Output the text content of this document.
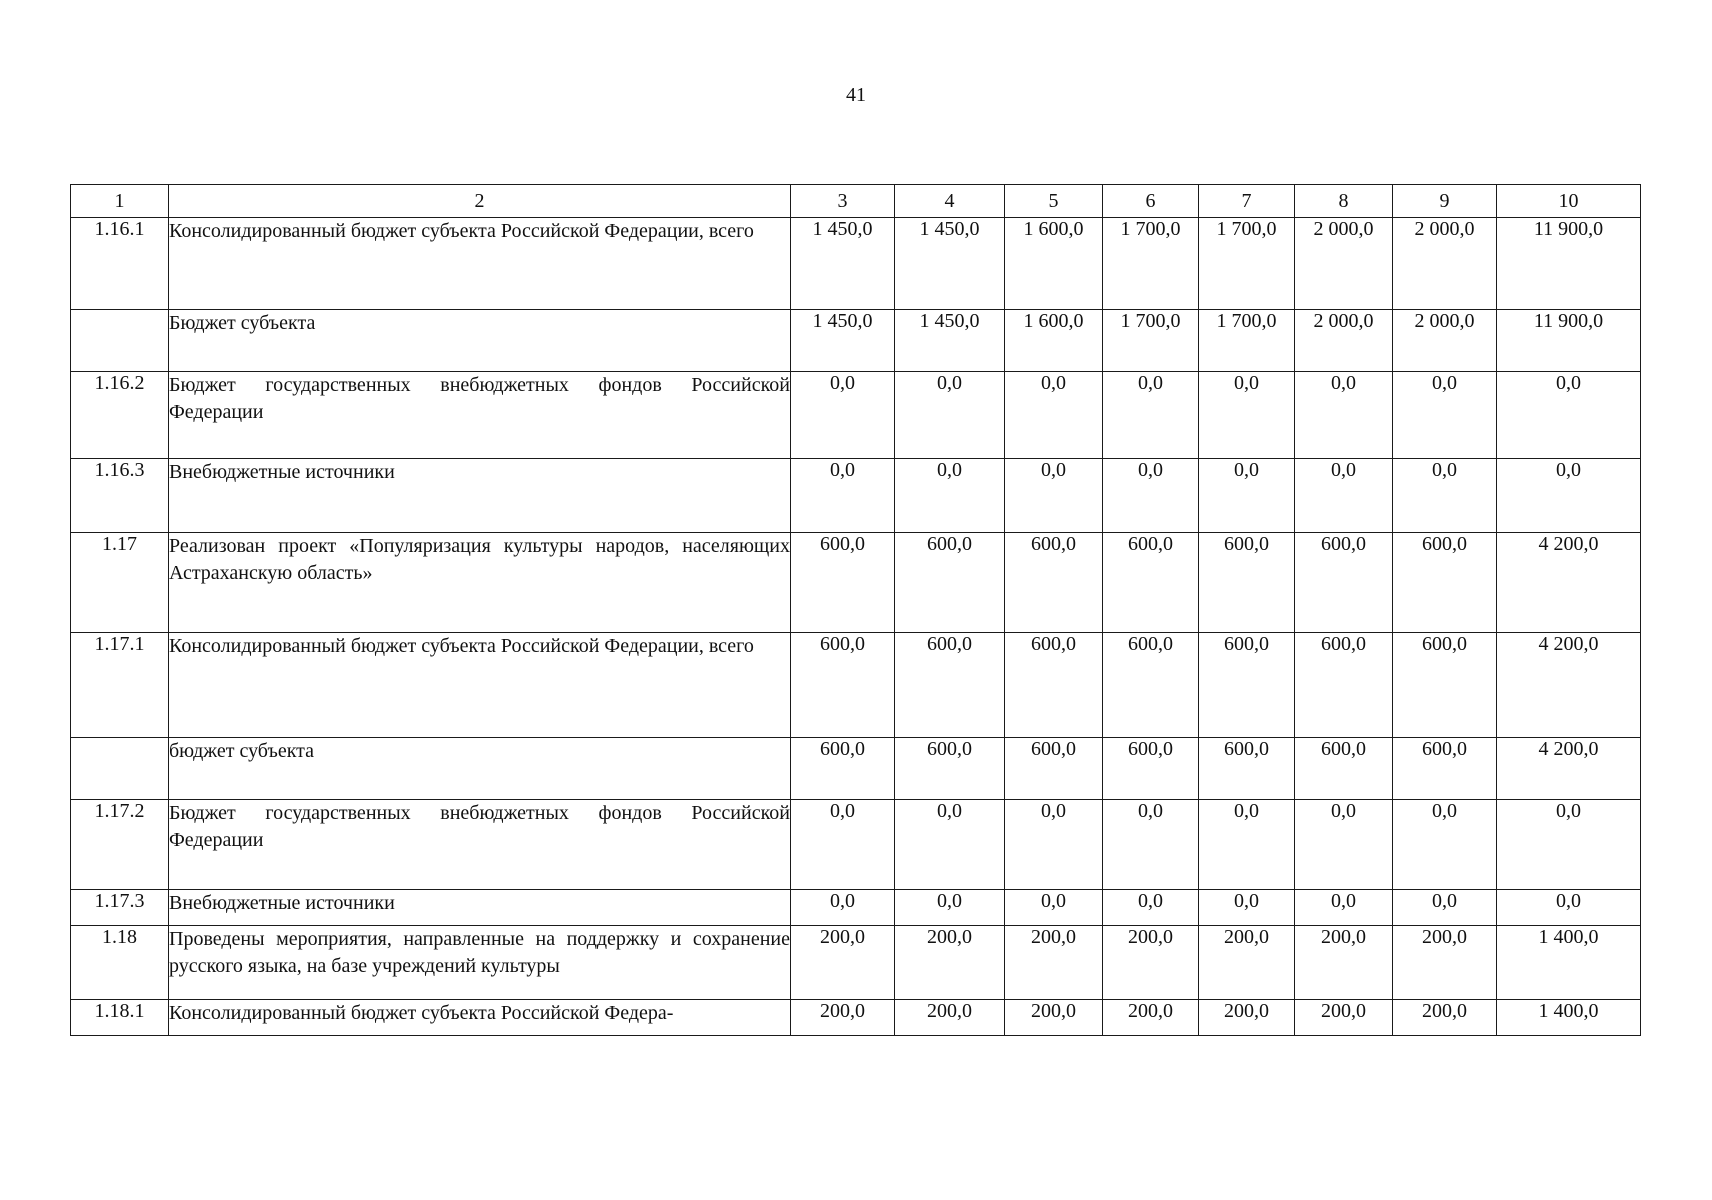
41
1	2	3	4	5	6	7	8	9	10
1.16.1	Консолидированный бюджет субъекта Российской Федерации, всего	1 450,0	1 450,0	1 600,0	1 700,0	1 700,0	2 000,0	2 000,0	11 900,0
	Бюджет субъекта	1 450,0	1 450,0	1 600,0	1 700,0	1 700,0	2 000,0	2 000,0	11 900,0
1.16.2	Бюджет государственных внебюджетных фондов Российской Федерации	0,0	0,0	0,0	0,0	0,0	0,0	0,0	0,0
1.16.3	Внебюджетные источники	0,0	0,0	0,0	0,0	0,0	0,0	0,0	0,0
1.17	Реализован проект «Популяризация культуры народов, населяющих Астраханскую область»	600,0	600,0	600,0	600,0	600,0	600,0	600,0	4 200,0
1.17.1	Консолидированный бюджет субъекта Российской Федерации, всего	600,0	600,0	600,0	600,0	600,0	600,0	600,0	4 200,0
	бюджет субъекта	600,0	600,0	600,0	600,0	600,0	600,0	600,0	4 200,0
1.17.2	Бюджет государственных внебюджетных фондов Российской Федерации	0,0	0,0	0,0	0,0	0,0	0,0	0,0	0,0
1.17.3	Внебюджетные источники	0,0	0,0	0,0	0,0	0,0	0,0	0,0	0,0
1.18	Проведены мероприятия, направленные на поддержку и сохранение русского языка, на базе учреждений культуры	200,0	200,0	200,0	200,0	200,0	200,0	200,0	1 400,0
1.18.1	Консолидированный бюджет субъекта Российской Федера-	200,0	200,0	200,0	200,0	200,0	200,0	200,0	1 400,0
